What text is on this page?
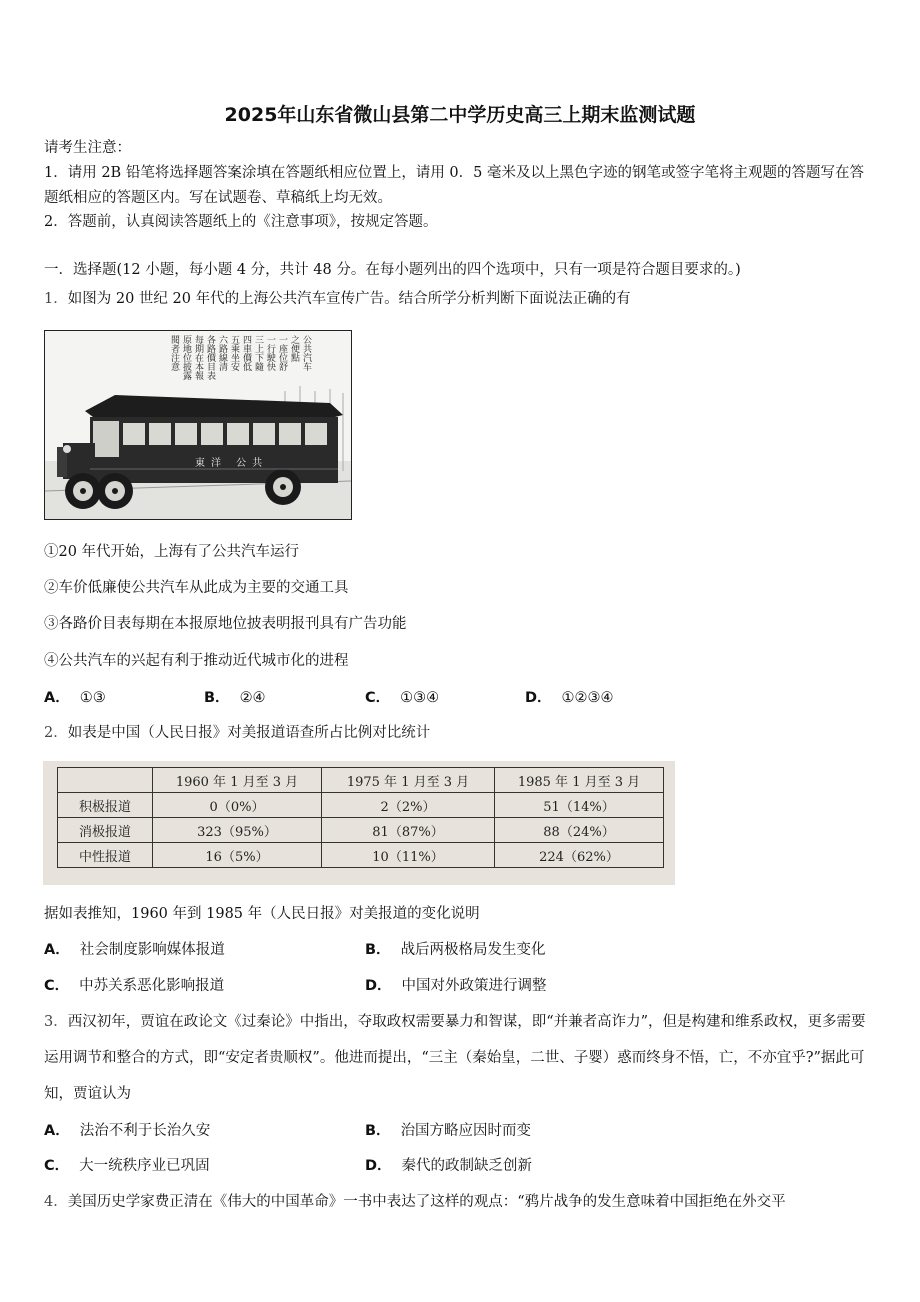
2025年山东省微山县第二中学历史高三上期末监测试题
请考生注意：
1．请用 2B 铅笔将选择题答案涂填在答题纸相应位置上，请用 0．5 毫米及以上黑色字迹的钢笔或签字笔将主观题的答题写在答题纸相应的答题区内。写在试题卷、草稿纸上均无效。
2．答题前，认真阅读答题纸上的《注意事项》，按规定答题。
一．选择题(12 小题，每小题 4 分，共计 48 分。在每小题列出的四个选项中，只有一项是符合题目要求的。)
1．如图为 20 世纪 20 年代的上海公共汽车宣传广告。结合所学分析判断下面说法正确的有
公共汽车
之便點
一座位舒
一行駛快
三上下隨
四車價低
五乘坐安
六路線清
各路價目表
每期在本報
原地位披露
閱者注意
東洋 公共
①20 年代开始，上海有了公共汽车运行
②车价低廉使公共汽车从此成为主要的交通工具
③各路价目表每期在本报原地位披表明报刊具有广告功能
④公共汽车的兴起有利于推动近代城市化的进程
A． ①③	B． ②④	C． ①③④	D． ①②③④
2．如表是中国（人民日报》对美报道语查所占比例对比统计
	1960 年 1 月至 3 月	1975 年 1 月至 3 月	1985 年 1 月至 3 月
积极报道	0（0%）	2（2%）	51（14%）
消极报道	323（95%）	81（87%）	88（24%）
中性报道	16（5%）	10（11%）	224（62%）
据如表推知，1960 年到 1985 年（人民日报》对美报道的变化说明
A． 社会制度影响媒体报道	B． 战后两极格局发生变化
C． 中苏关系恶化影响报道	D． 中国对外政策进行调整
3．西汉初年，贾谊在政论文《过秦论》中指出，夺取政权需要暴力和智谋，即“并兼者高诈力”，但是构建和维系政权，更多需要运用调节和整合的方式，即“安定者贵顺权”。他进而提出，“三主（秦始皇，二世、子婴）惑而终身不悟，亡，不亦宜乎?”据此可知，贾谊认为
A． 法治不利于长治久安	B． 治国方略应因时而变
C． 大一统秩序业已巩固	D． 秦代的政制缺乏创新
4．美国历史学家费正清在《伟大的中国革命》一书中表达了这样的观点：“鸦片战争的发生意味着中国拒绝在外交平
